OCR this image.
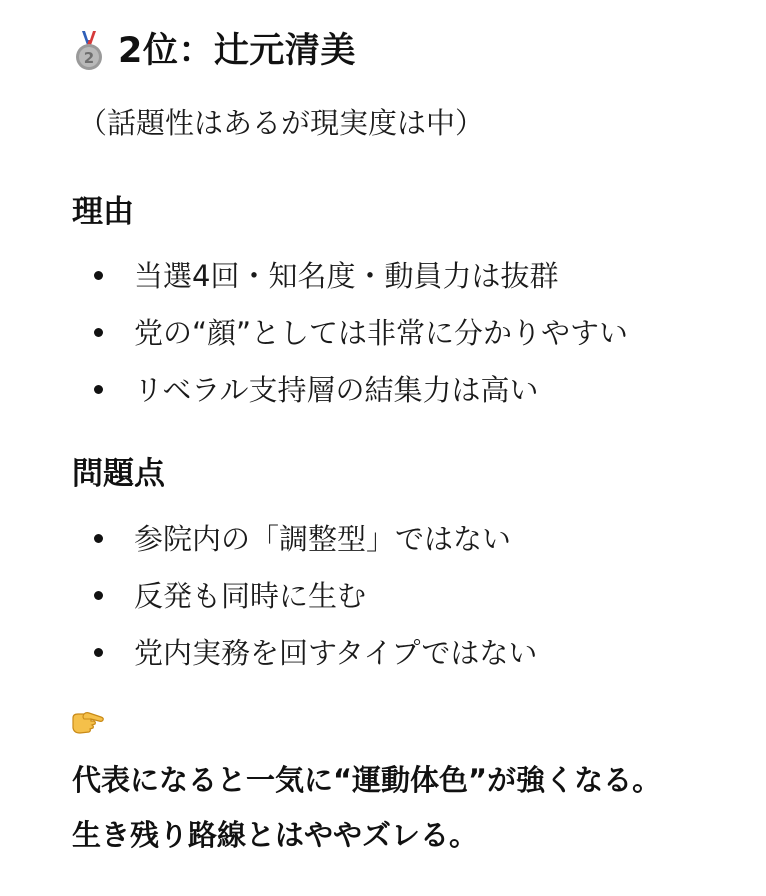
2 2位：辻元清美
（話題性はあるが現実度は中）
理由
当選4回・知名度・動員力は抜群
党の“顔”としては非常に分かりやすい
リベラル支持層の結集力は高い
問題点
参院内の「調整型」ではない
反発も同時に生む
党内実務を回すタイプではない
代表になると一気に“運動体色”が強くなる。
生き残り路線とはややズレる。
